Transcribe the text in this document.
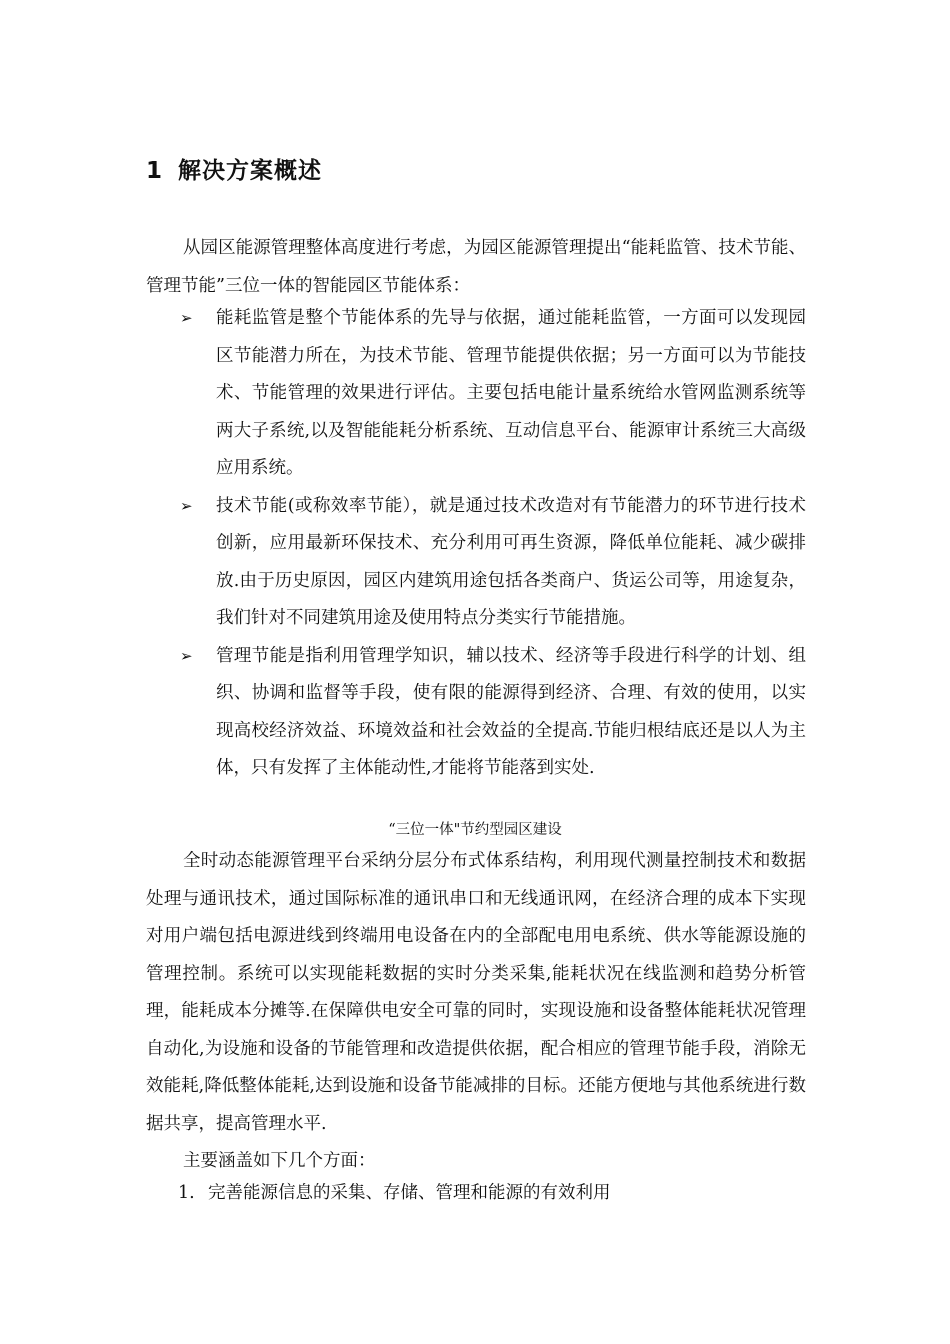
1 解决方案概述

从园区能源管理整体高度进行考虑，为园区能源管理提出“能耗监管、技术节能、管理节能”三位一体的智能园区节能体系：

➢ 能耗监管是整个节能体系的先导与依据，通过能耗监管，一方面可以发现园区节能潜力所在，为技术节能、管理节能提供依据；另一方面可以为节能技术、节能管理的效果进行评估。主要包括电能计量系统给水管网监测系统等两大子系统,以及智能能耗分析系统、互动信息平台、能源审计系统三大高级应用系统。
➢ 技术节能(或称效率节能），就是通过技术改造对有节能潜力的环节进行技术创新，应用最新环保技术、充分利用可再生资源，降低单位能耗、减少碳排放.由于历史原因，园区内建筑用途包括各类商户、货运公司等，用途复杂，我们针对不同建筑用途及使用特点分类实行节能措施。
➢ 管理节能是指利用管理学知识，辅以技术、经济等手段进行科学的计划、组织、协调和监督等手段，使有限的能源得到经济、合理、有效的使用，以实现高校经济效益、环境效益和社会效益的全提高.节能归根结底还是以人为主体，只有发挥了主体能动性,才能将节能落到实处.
“三位一体"节约型园区建设

全时动态能源管理平台采纳分层分布式体系结构，利用现代测量控制技术和数据处理与通讯技术，通过国际标准的通讯串口和无线通讯网，在经济合理的成本下实现对用户端包括电源进线到终端用电设备在内的全部配电用电系统、供水等能源设施的管理控制。系统可以实现能耗数据的实时分类采集,能耗状况在线监测和趋势分析管理，能耗成本分摊等.在保障供电安全可靠的同时，实现设施和设备整体能耗状况管理自动化,为设施和设备的节能管理和改造提供依据，配合相应的管理节能手段，消除无效能耗,降低整体能耗,达到设施和设备节能减排的目标。还能方便地与其他系统进行数据共享，提高管理水平.

主要涵盖如下几个方面：

1. 完善能源信息的采集、存储、管理和能源的有效利用
